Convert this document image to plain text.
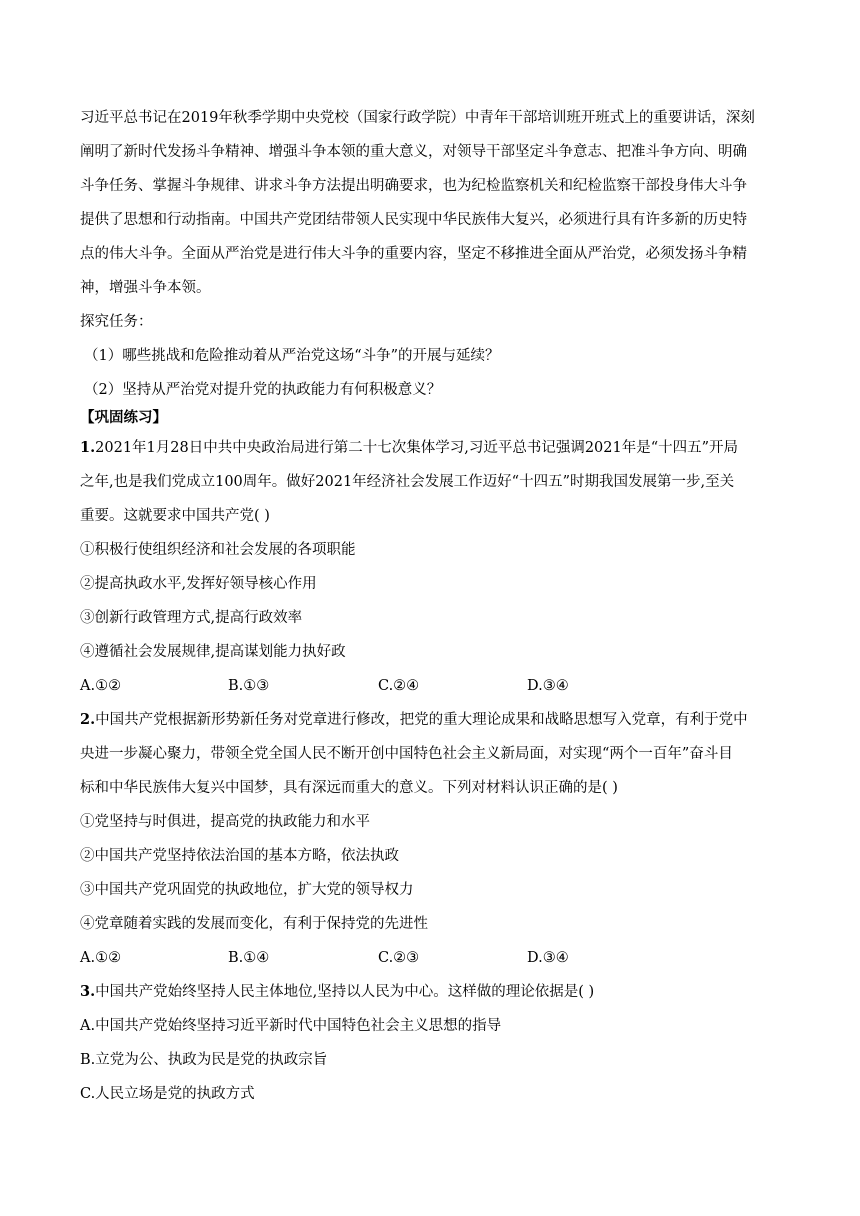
习近平总书记在2019年秋季学期中央党校（国家行政学院）中青年干部培训班开班式上的重要讲话，深刻
阐明了新时代发扬斗争精神、增强斗争本领的重大意义，对领导干部坚定斗争意志、把准斗争方向、明确
斗争任务、掌握斗争规律、讲求斗争方法提出明确要求，也为纪检监察机关和纪检监察干部投身伟大斗争
提供了思想和行动指南。中国共产党团结带领人民实现中华民族伟大复兴，必须进行具有许多新的历史特
点的伟大斗争。全面从严治党是进行伟大斗争的重要内容，坚定不移推进全面从严治党，必须发扬斗争精
神，增强斗争本领。
探究任务：
（1）哪些挑战和危险推动着从严治党这场“斗争”的开展与延续？
（2）坚持从严治党对提升党的执政能力有何积极意义？
【巩固练习】
1.2021年1月28日中共中央政治局进行第二十七次集体学习,习近平总书记强调2021年是“十四五”开局
之年,也是我们党成立100周年。做好2021年经济社会发展工作迈好“十四五”时期我国发展第一步,至关
重要。这就要求中国共产党( )
①积极行使组织经济和社会发展的各项职能
②提高执政水平,发挥好领导核心作用
③创新行政管理方式,提高行政效率
④遵循社会发展规律,提高谋划能力执好政
A.①②	B.①③	C.②④	D.③④
2.中国共产党根据新形势新任务对党章进行修改，把党的重大理论成果和战略思想写入党章，有利于党中
央进一步凝心聚力，带领全党全国人民不断开创中国特色社会主义新局面，对实现“两个一百年”奋斗目
标和中华民族伟大复兴中国梦，具有深远而重大的意义。下列对材料认识正确的是( )
①党坚持与时俱进，提高党的执政能力和水平
②中国共产党坚持依法治国的基本方略，依法执政
③中国共产党巩固党的执政地位，扩大党的领导权力
④党章随着实践的发展而变化，有利于保持党的先进性
A.①②	B.①④	C.②③	D.③④
3.中国共产党始终坚持人民主体地位,坚持以人民为中心。这样做的理论依据是( )
A.中国共产党始终坚持习近平新时代中国特色社会主义思想的指导
B.立党为公、执政为民是党的执政宗旨
C.人民立场是党的执政方式
